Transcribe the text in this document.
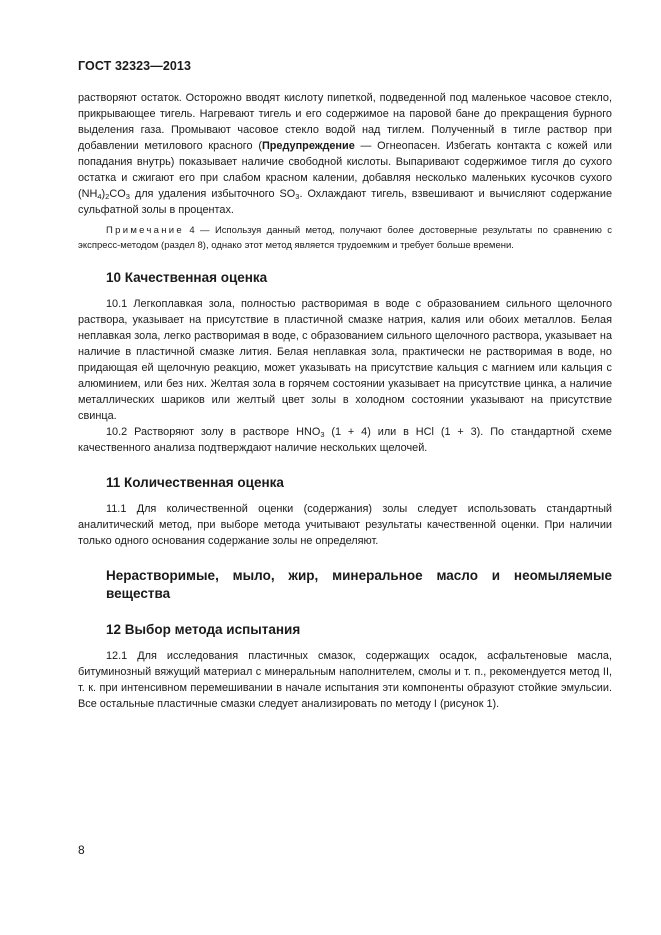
ГОСТ 32323—2013

растворяют остаток. Осторожно вводят кислоту пипеткой, подведенной под маленькое часовое стекло, прикрывающее тигель. Нагревают тигель и его содержимое на паровой бане до прекращения бурного выделения газа. Промывают часовое стекло водой над тиглем. Полученный в тигле раствор при добавлении метилового красного (Предупреждение — Огнеопасен. Избегать контакта с кожей или попадания внутрь) показывает наличие свободной кислоты. Выпаривают содержимое тигля до сухого остатка и сжигают его при слабом красном калении, добавляя несколько маленьких кусочков сухого $(NH_4)_2CO_3$ для удаления избыточного $SO_3$. Охлаждают тигель, взвешивают и вычисляют содержание сульфатной золы в процентах.

Примечание 4 — Используя данный метод, получают более достоверные результаты по сравнению с экспресс-методом (раздел 8), однако этот метод является трудоемким и требует больше времени.

10 Качественная оценка

10.1 Легкоплавкая зола, полностью растворимая в воде с образованием сильного щелочного раствора, указывает на присутствие в пластичной смазке натрия, калия или обоих металлов. Белая неплавкая зола, легко растворимая в воде, с образованием сильного щелочного раствора, указывает на наличие в пластичной смазке лития. Белая неплавкая зола, практически не растворимая в воде, но придающая ей щелочную реакцию, может указывать на присутствие кальция с магнием или кальция с алюминием, или без них. Желтая зола в горячем состоянии указывает на присутствие цинка, а наличие металлических шариков или желтый цвет золы в холодном состоянии указывают на присутствие свинца.

10.2 Растворяют золу в растворе $HNO_3$ (1 + 4) или в HCl (1 + 3). По стандартной схеме качественного анализа подтверждают наличие нескольких щелочей.

11 Количественная оценка

11.1 Для количественной оценки (содержания) золы следует использовать стандартный аналитический метод, при выборе метода учитывают результаты качественной оценки. При наличии только одного основания содержание золы не определяют.

Нерастворимые, мыло, жир, минеральное масло и неомыляемые вещества
12 Выбор метода испытания

12.1 Для исследования пластичных смазок, содержащих осадок, асфальтеновые масла, битуминозный вяжущий материал с минеральным наполнителем, смолы и т. п., рекомендуется метод II, т. к. при интенсивном перемешивании в начале испытания эти компоненты образуют стойкие эмульсии. Все остальные пластичные смазки следует анализировать по методу I (рисунок 1).

8
